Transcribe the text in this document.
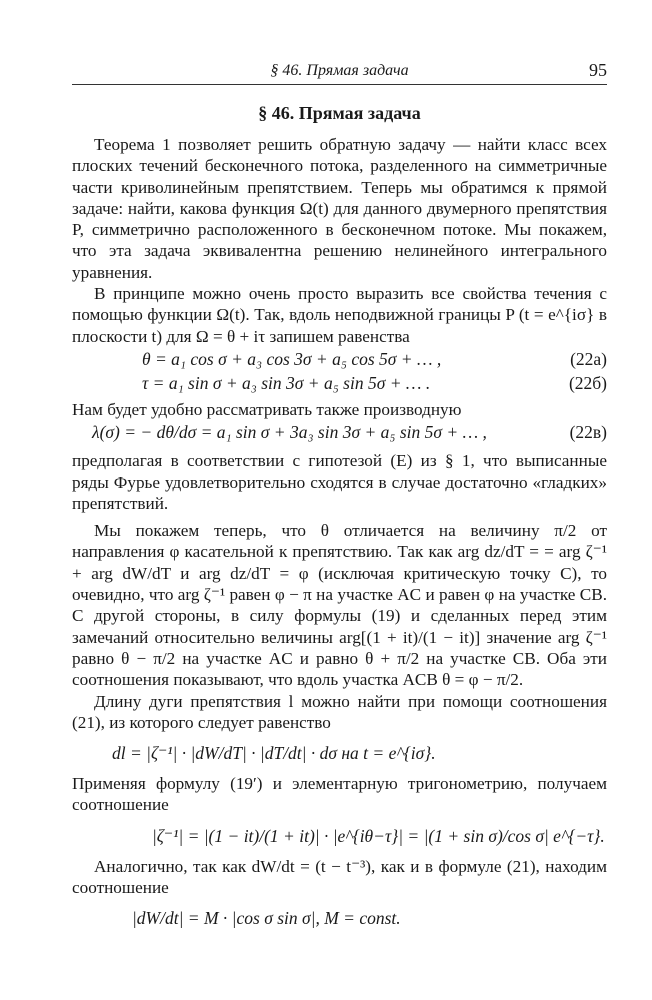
§ 46. Прямая задача	95
§ 46. Прямая задача

Теорема 1 позволяет решить обратную задачу — найти класс всех плоских течений бесконечного потока, разделенного на симметричные части криволинейным препятствием. Теперь мы обратимся к прямой задаче: найти, какова функция Ω(t) для данного двумерного препятствия P, симметрично расположенного в бесконечном потоке. Мы покажем, что эта задача эквивалентна решению нелинейного интегрального уравнения.

В принципе можно очень просто выразить все свойства течения с помощью функции Ω(t). Так, вдоль неподвижной границы P (t = e^{iσ} в плоскости t) для Ω = θ + iτ запишем равенства

θ = a₁ cos σ + a₃ cos 3σ + a₅ cos 5σ + … ,	(22а)
τ = a₁ sin σ + a₃ sin 3σ + a₅ sin 5σ + … .	(22б)

Нам будет удобно рассматривать также производную

λ(σ) = − dθ/dσ = a₁ sin σ + 3a₃ sin 3σ + a₅ sin 5σ + … ,	(22в)

предполагая в соответствии с гипотезой (E) из § 1, что выписанные ряды Фурье удовлетворительно сходятся в случае достаточно «гладких» препятствий.

Мы покажем теперь, что θ отличается на величину π/2 от направления φ касательной к препятствию. Так как arg dz/dT = = arg ζ⁻¹ + arg dW/dT и arg dz/dT = φ (исключая критическую точку C), то очевидно, что arg ζ⁻¹ равен φ − π на участке AC и равен φ на участке CB. С другой стороны, в силу формулы (19) и сделанных перед этим замечаний относительно величины arg[(1 + it)/(1 − it)] значение arg ζ⁻¹ равно θ − π/2 на участке AC и равно θ + π/2 на участке CB. Оба эти соотношения показывают, что вдоль участка ACB θ = φ − π/2.

Длину дуги препятствия l можно найти при помощи соотношения (21), из которого следует равенство

dl = |ζ⁻¹| · |dW/dT| · |dT/dt| · dσ на t = e^{iσ}.

Применяя формулу (19′) и элементарную тригонометрию, получаем соотношение

|ζ⁻¹| = |(1 − it)/(1 + it)| · |e^{iθ−τ}| = |(1 + sin σ)/cos σ| e^{−τ}.

Аналогично, так как dW/dt = (t − t⁻³), как и в формуле (21), находим соотношение

|dW/dt| = M · |cos σ sin σ|, M = const.
